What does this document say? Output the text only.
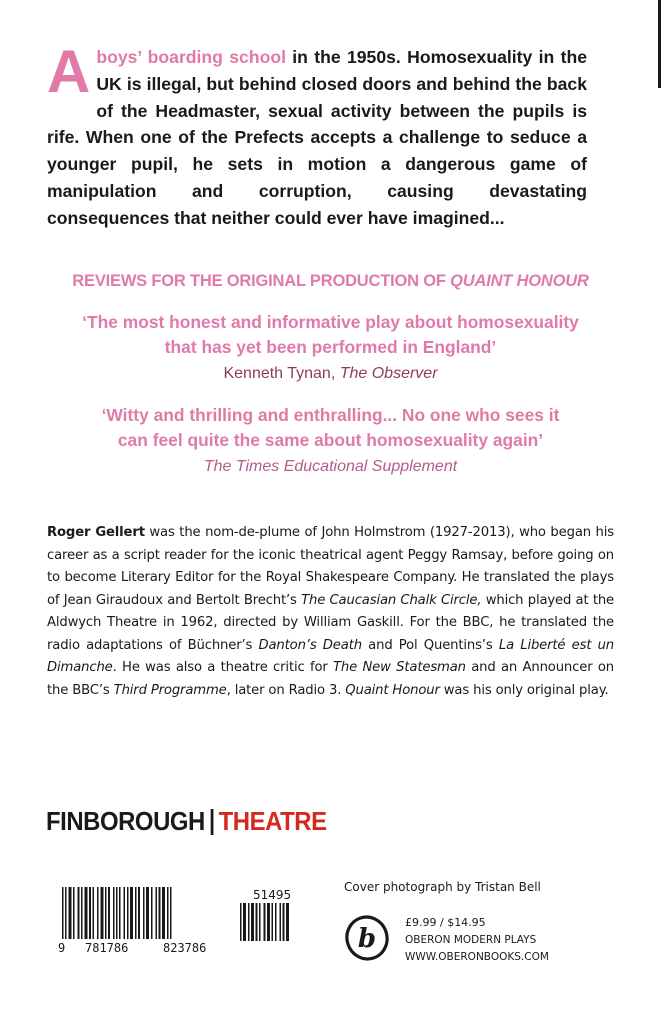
A boys’ boarding school in the 1950s. Homosexuality in the UK is illegal, but behind closed doors and behind the back of the Headmaster, sexual activity between the pupils is rife. When one of the Prefects accepts a challenge to seduce a younger pupil, he sets in motion a dangerous game of manipulation and corruption, causing devastating consequences that neither could ever have imagined...

REVIEWS FOR THE ORIGINAL PRODUCTION OF QUAINT HONOUR

‘The most honest and informative play about homosexuality
that has yet been performed in England’
Kenneth Tynan, The Observer
‘Witty and thrilling and enthralling... No one who sees it
can feel quite the same about homosexuality again’
The Times Educational Supplement
Roger Gellert was the nom-de-plume of John Holmstrom (1927-2013), who began his career as a script reader for the iconic theatrical agent Peggy Ramsay, before going on to become Literary Editor for the Royal Shakespeare Company. He translated the plays of Jean Giraudoux and Bertolt Brecht’s The Caucasian Chalk Circle, which played at the Aldwych Theatre in 1962, directed by William Gaskill. For the BBC, he translated the radio adaptations of Büchner’s Danton’s Death and Pol Quentins’s La Liberté est un Dimanche. He was also a theatre critic for The New Statesman and an Announcer on the BBC’s Third Programme, later on Radio 3. Quaint Honour was his only original play.
FINBOROUGH THEATRE
Cover photograph by Tristan Bell
9 781786	823786
51495
b
£9.99 / $14.95
OBERON MODERN PLAYS
WWW.OBERONBOOKS.COM
